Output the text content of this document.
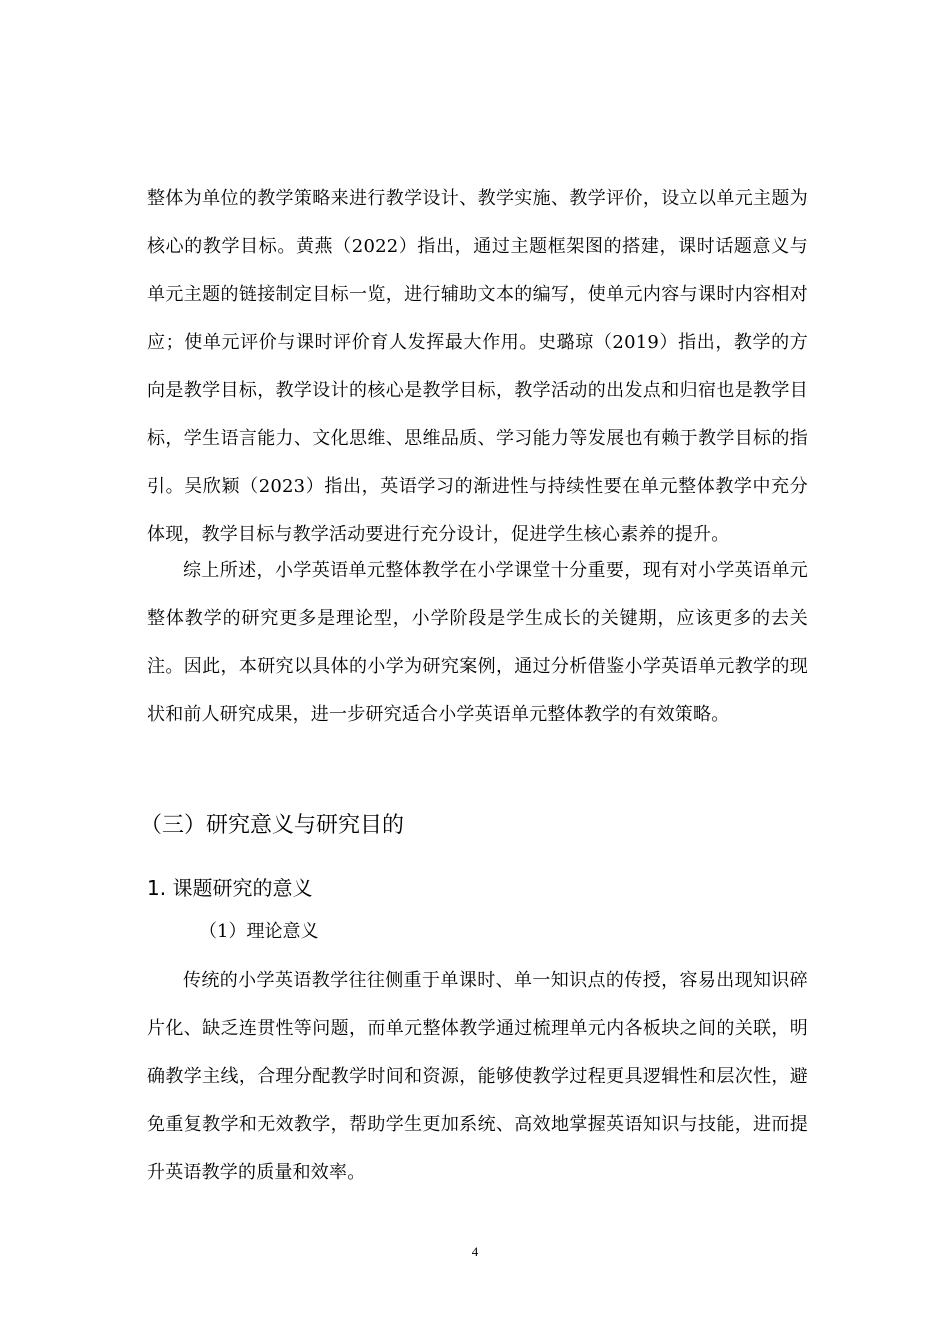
整体为单位的教学策略来进行教学设计、教学实施、教学评价，设立以单元主题为核心的教学目标。黄燕（2022）指出，通过主题框架图的搭建，课时话题意义与单元主题的链接制定目标一览，进行辅助文本的编写，使单元内容与课时内容相对应；使单元评价与课时评价育人发挥最大作用。史璐琼（2019）指出，教学的方向是教学目标，教学设计的核心是教学目标，教学活动的出发点和归宿也是教学目标，学生语言能力、文化思维、思维品质、学习能力等发展也有赖于教学目标的指引。吴欣颖（2023）指出，英语学习的渐进性与持续性要在单元整体教学中充分体现，教学目标与教学活动要进行充分设计，促进学生核心素养的提升。

综上所述，小学英语单元整体教学在小学课堂十分重要，现有对小学英语单元整体教学的研究更多是理论型，小学阶段是学生成长的关键期，应该更多的去关注。因此，本研究以具体的小学为研究案例，通过分析借鉴小学英语单元教学的现状和前人研究成果，进一步研究适合小学英语单元整体教学的有效策略。

（三）研究意义与研究目的
1. 课题研究的意义
（1）理论意义

传统的小学英语教学往往侧重于单课时、单一知识点的传授，容易出现知识碎片化、缺乏连贯性等问题，而单元整体教学通过梳理单元内各板块之间的关联，明确教学主线，合理分配教学时间和资源，能够使教学过程更具逻辑性和层次性，避免重复教学和无效教学，帮助学生更加系统、高效地掌握英语知识与技能，进而提升英语教学的质量和效率。

4
